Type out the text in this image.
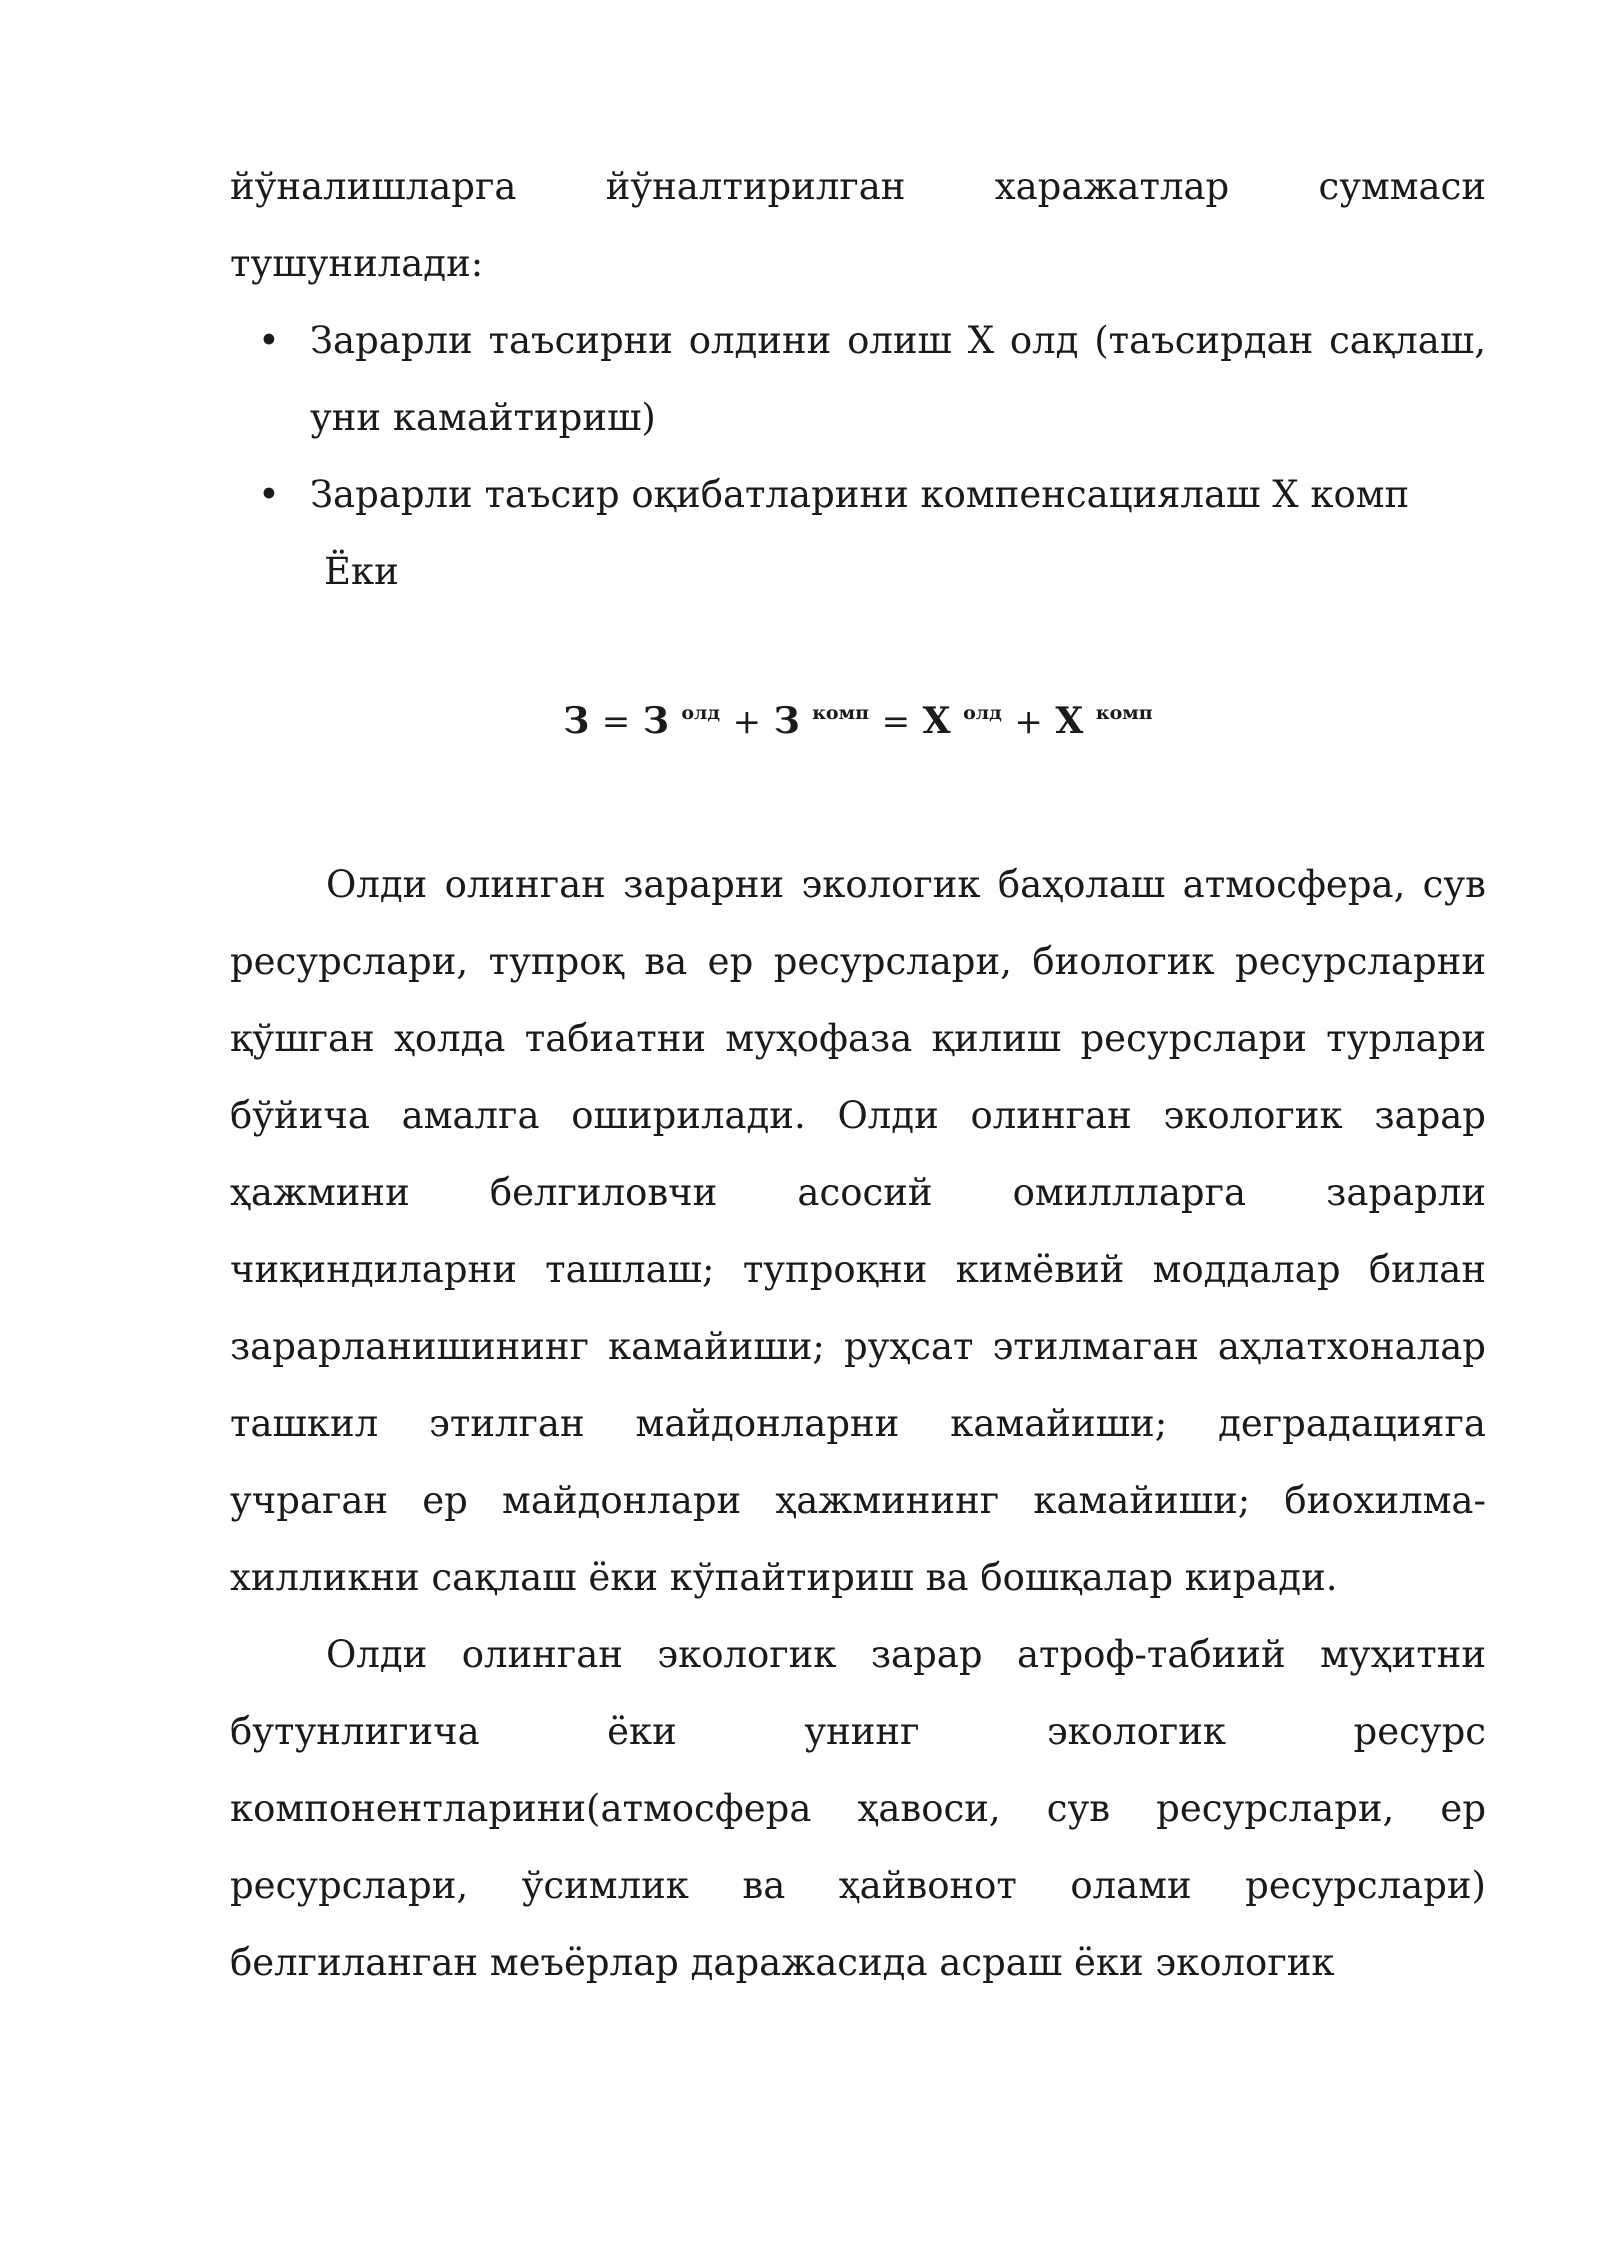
йўналишларга йўналтирилган харажатлар суммаси тушунилади:

• Зарарли таъсирни олдини олиш Х олд (таъсирдан сақлаш, уни камайтириш)
• Зарарли таъсир оқибатларини компенсациялаш Х комп
Ёки
З = З $^{олд}$ + З $^{комп}$ = Х $^{олд}$ + Х $^{комп}$

Олди олинган зарарни экологик баҳолаш атмосфера, сув ресурслари, тупроқ ва ер ресурслари, биологик ресурсларни қўшган ҳолда табиатни муҳофаза қилиш ресурслари турлари бўйича амалга оширилади. Олди олинган экологик зарар ҳажмини белгиловчи асосий омиллларга зарарли чиқиндиларни ташлаш; тупроқни кимёвий моддалар билан зарарланишининг камайиши; руҳсат этилмаган аҳлатхоналар ташкил этилган майдонларни камайиши; деградацияга учраган ер майдонлари ҳажмининг камайиши; биохилма-хилликни сақлаш ёки кўпайтириш ва бошқалар киради.

Олди олинган экологик зарар атроф-табиий муҳитни бутунлигича ёки унинг экологик ресурс компонентларини(атмосфера ҳавоси, сув ресурслари, ер ресурслари, ўсимлик ва ҳайвонот олами ресурслари) белгиланган меъёрлар даражасида асраш ёки экологик
